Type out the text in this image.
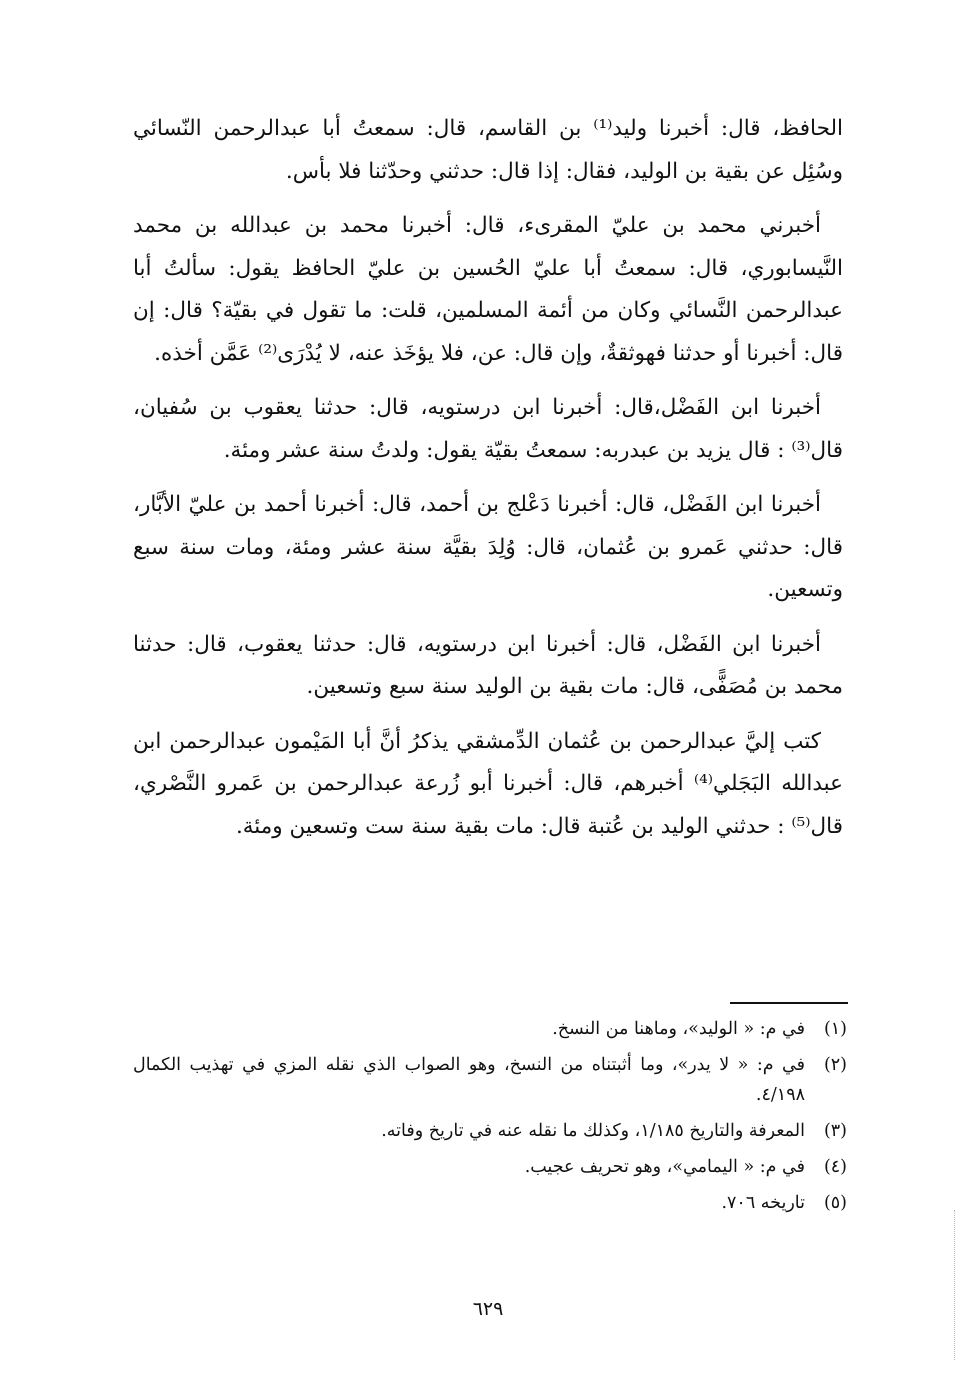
الحافظ، قال: أخبرنا وليد⁽¹⁾ بن القاسم، قال: سمعتُ أبا عبدالرحمن النّسائي وسُئِل عن بقية بن الوليد، فقال: إذا قال: حدثني وحدّثنا فلا بأس.

أخبرني محمد بن عليّ المقرىء، قال: أخبرنا محمد بن عبدالله بن محمد النَّيسابوري، قال: سمعتُ أبا عليّ الحُسين بن عليّ الحافظ يقول: سألتُ أبا عبدالرحمن النَّسائي وكان من أئمة المسلمين، قلت: ما تقول في بقيّة؟ قال: إن قال: أخبرنا أو حدثنا فهوثقةٌ، وإن قال: عن، فلا يؤخَذ عنه، لا يُدْرَى⁽²⁾ عَمَّن أخذه.

أخبرنا ابن الفَضْل،قال: أخبرنا ابن درستويه، قال: حدثنا يعقوب بن سُفيان، قال⁽³⁾ : قال يزيد بن عبدربه: سمعتُ بقيّة يقول: ولدتُ سنة عشر ومئة.

أخبرنا ابن الفَضْل، قال: أخبرنا دَعْلج بن أحمد، قال: أخبرنا أحمد بن عليّ الأبَّار، قال: حدثني عَمرو بن عُثمان، قال: وُلِدَ بقيَّة سنة عشر ومئة، ومات سنة سبع وتسعين.

أخبرنا ابن الفَضْل، قال: أخبرنا ابن درستويه، قال: حدثنا يعقوب، قال: حدثنا محمد بن مُصَفًّى، قال: مات بقية بن الوليد سنة سبع وتسعين.

كتب إليَّ عبدالرحمن بن عُثمان الدِّمشقي يذكرُ أنَّ أبا المَيْمون عبدالرحمن ابن عبدالله البَجَلي⁽⁴⁾ أخبرهم، قال: أخبرنا أبو زُرعة عبدالرحمن بن عَمرو النَّصْري، قال⁽⁵⁾ : حدثني الوليد بن عُتبة قال: مات بقية سنة ست وتسعين ومئة.

(١)
في م: « الوليد»، وماهنا من النسخ.
(٢)
في م: « لا يدر»، وما أثبتناه من النسخ، وهو الصواب الذي نقله المزي في تهذيب الكمال ٤/١٩٨.
(٣)
المعرفة والتاريخ ١/١٨٥، وكذلك ما نقله عنه في تاريخ وفاته.
(٤)
في م: « اليمامي»، وهو تحريف عجيب.
(٥)
تاريخه ٧٠٦.
٦٢٩
